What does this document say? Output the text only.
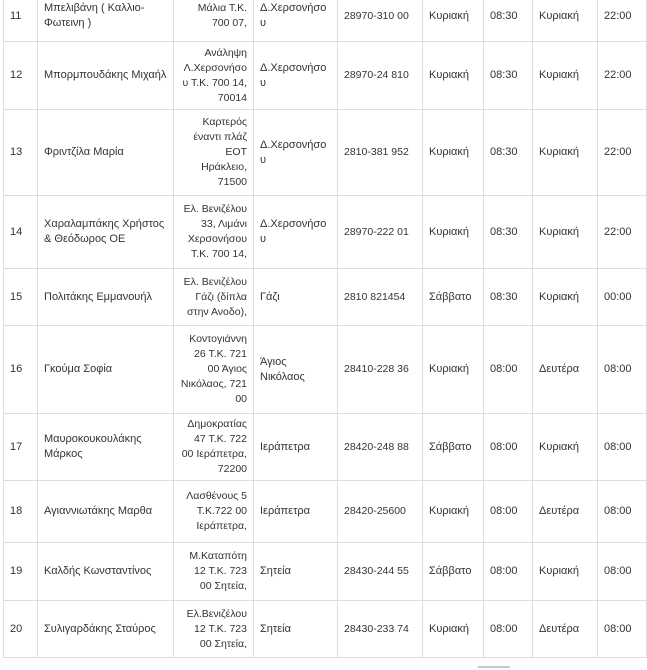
11	Μπελιβάνη ( Καλλιο-Φωτεινη )	Μάλια Τ.Κ. 700 07,	Δ.Χερσονήσου	28970-310 00	Κυριακή	08:30	Κυριακή	22:00

12	Μπορμπουδάκης Μιχαήλ	Ανάληψη Λ.Χερσονήσου Τ.Κ. 700 14, 70014	Δ.Χερσονήσου	28970-24 810	Κυριακή	08:30	Κυριακή	22:00

13	Φριντζίλα Μαρία	Καρτερός έναντι πλάζ ΕΟΤ Ηράκλειο, 71500	Δ.Χερσονήσου	2810-381 952	Κυριακή	08:30	Κυριακή	22:00

14	Χαραλαμπάκης Χρήστος & Θεόδωρος ΟΕ	Ελ. Βενιζέλου 33, Λιμάνι Χερσονήσου Τ.Κ. 700 14,	Δ.Χερσονήσου	28970-222 01	Κυριακή	08:30	Κυριακή	22:00

15	Πολιτάκης Εμμανουήλ	Ελ. Βενιζέλου Γάζι (δίπλα στην Ανοδο),	Γάζι	2810 821454	Σάββατο	08:30	Κυριακή	00:00

16	Γκούμα Σοφία	Κοντογιάννη 26 Τ.Κ. 721 00 Άγιος Νικόλαος, 721 00	Άγιος Νικόλαος	28410-228 36	Κυριακή	08:00	Δευτέρα	08:00

17	Μαυροκουκουλάκης Μάρκος	Δημοκρατίας 47 Τ.Κ. 722 00 Ιεράπετρα, 72200	Ιεράπετρα	28420-248 88	Σάββατο	08:00	Κυριακή	08:00

18	Αγιαννιωτάκης Μαρθα	Λασθένους 5 Τ.Κ.722 00 Ιεράπετρα,	Ιεράπετρα	28420-25600	Κυριακή	08:00	Δευτέρα	08:00

19	Καλδής Κωνσταντίνος	Μ.Καταπότη 12 Τ.Κ. 723 00 Σητεία,	Σητεία	28430-244 55	Σάββατο	08:00	Κυριακή	08:00

20	Συλιγαρδάκης Σταύρος	Ελ.Βενιζέλου 12 Τ.Κ. 723 00 Σητεία,	Σητεία	28430-233 74	Κυριακή	08:00	Δευτέρα	08:00
